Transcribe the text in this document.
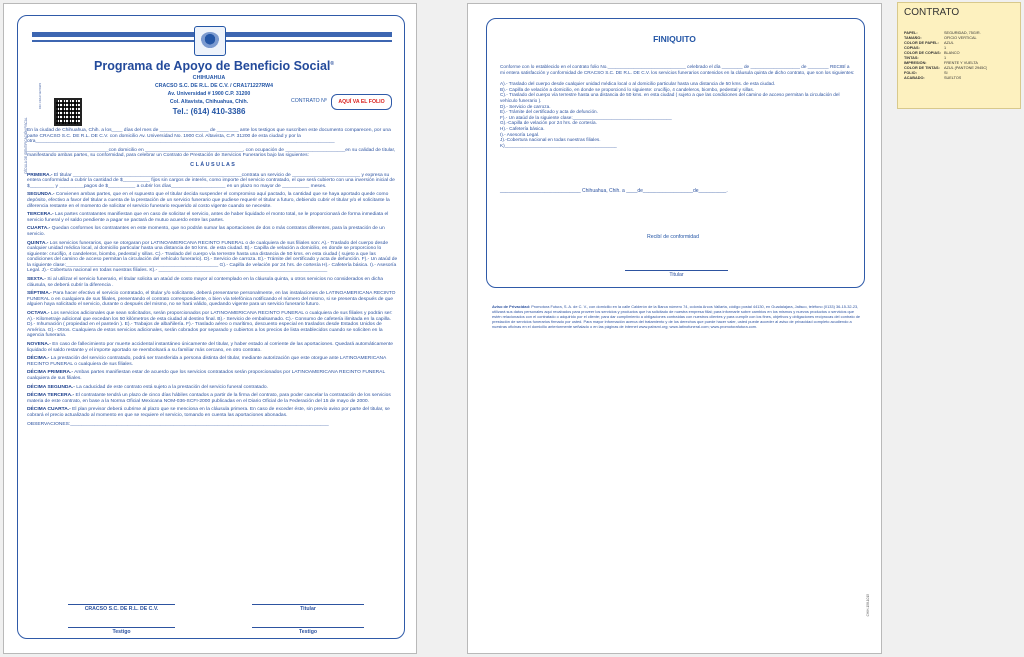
CÉDULA DE IDENTIFICACIÓN FISCAL
RFC CRA171227RW4
Programa de Apoyo de Beneficio Social®
CHIHUAHUA
CRACSO S.C. DE R.L. DE C.V. / CRA171227RW4
Av. Universidad # 1900 C.P. 31200
Col. Altavista, Chihuahua, Chih.
Tel.: (614) 410-3386
CONTRATO Nº	AQUÍ VA EL FOLIO

En la ciudad de Chihuahua, Chih. a los____ días del mes de __________________ de ________ ante los testigos que suscriben este documento comparecen, por una parte CRACSO S.C. DE R.L. DE C.V. con domicilio Av. Universidad No. 1900 Col. Altavista, C.P. 31200 de esta ciudad y por la otra______________________________________________________________________________________________________________

______________________________con domicilio en ____________________________________, con ocupación de ______________________en su calidad de titular, manifestando ambas partes, su conformidad, para celebrar un Contrato de Prestación de Servicios Funerarios bajo las siguientes:

C L Á U S U L A S

PRIMERA.- El titular ______________________________________________________________contrata un servicio de _________________________ y expresa su entera conformidad a cubrir la cantidad de $__________ fijos sin cargos de interés, como importe del servicio contratado, el que será cubierto con una inversión inicial de $_________ y _________pagos de $__________ a cubrir los días____________________ en un plazo no mayor de __________ meses.

SEGUNDA.- Convienen ambas partes, que en el supuesto que el titular decida suspender el compromiso aquí pactado, la cantidad que se haya aportado quede como depósito, efectivo a favor del titular a cuenta de la prestación de un servicio funerario que pudiese requerir el titular a futuro, debiendo cubrir el titular y/o el solicitante la diferencia restante en el momento de solicitar el servicio funerario requerido al costo vigente cuando se necesite.

TERCERA.- Las partes contratantes manifiestan que en caso de solicitar el servicio, antes de haber liquidado el monto total, se le proporcionará de forma inmediata el servicio funeral y el saldo pendiente a pagar se pactará de mutuo acuerdo entre las partes.

CUARTA.- Quedan conformes los contratantes en este momento, que no podrán sumar las aportaciones de dos o más contratos diferentes, para la prestación de un servicio.

QUINTA.- Los servicios funerarios, que se otorgaran por LATINOAMERICANA RECINTO FUNERAL o de cualquiera de sus filiales son: A).- Traslado del cuerpo desde cualquier unidad médica local, al domicilio particular hasta una distancia de 50 kms. de esta ciudad. B).- Capilla de velación a domicilio, en donde se proporciono lo siguiente: crucifijo, 4 candeleros, biombo, pedestal y sillas. C).- Traslado del cuerpo vía terrestre hasta una distancia de 50 kms. en esta ciudad ( sujeto a que las condiciones del camino de acceso permitan la circulación del vehículo funerario). D).- Servicio de carroza. E).- Trámite del certificado y acta de defunción. F).- Un ataúd de la siguiente clase:________________________________________________________ G).- Capilla de velación por 24 hrs. de cortesía H).- Cafetería básica. I).- Asesoría Legal. J).- Cobertura nacional en todas nuestras filiales. K).- ______________________________________________________________

SEXTA.- Si al utilizar el servicio funerario, el titular solicita un ataúd de costo mayor al contemplado en la cláusula quinta, u otros servicios no considerados en dicha cláusula, se deberá cubrir la diferencia .

SÉPTIMA.- Para hacer efectivo el servicio contratado, el titular y/o solicitante, deberá presentarse personalmente, en las instalaciones de LATINOAMERICANA RECINTO FUNERAL o en cualquiera de sus filiales, presentando el contrato correspondiente, o bien vía telefónica notificando el número del mismo, si se presenta después de que alguien haya solicitado el servicio, durante o después del mismo, no se hará válido, quedando vigente para un servicio funerario futuro.

OCTAVA.- Los servicios adicionales que sean solicitados, serán proporcionados por LATINOAMERICANA RECINTO FUNERAL o cualquiera de sus filiales y podrán ser: A).- Kilometraje adicional que excedan los 50 kilómetros de esta ciudad al destino final. B).- Servicio de embalsamado. C).- Consumo de cafetería ilimitada en la capilla. D).- Inhumación ( propiedad en el panteón ). E).- Trabajos de albañilería. F).- Traslado aéreo o marítimo, descuento especial en traslados desde Estados Unidos de América. G).- Otros. Cualquiera de estos servicios adicionales, serán cobrados por separado y cubiertos a los precios de lista establecidos cuando se soliciten en la agencia funeraria.

NOVENA.- En caso de fallecimiento por muerte accidental instantáneo únicamente del titular, y haber estado al corriente de las aportaciones. Quedará automáticamente liquidado el saldo restante y el importe aportado se reembolsará a su familiar más cercano, en otro contrato.

DÉCIMA.- La prestación del servicio contratado, podrá ser transferida a persona distinta del titular, mediante autorización que este otorgue ante LATINOAMERICANA RECINTO FUNERAL o cualquiera de sus filiales.

DÉCIMA PRIMERA.- Ambas partes manifiestan estar de acuerdo que los servicios contratados serán proporcionados por LATINOAMERICANA RECINTO FUNERAL cualquiera de sus filiales.

DÉCIMA SEGUNDA.- La caducidad de este contrato está sujeto a la prestación del servicio funeral contratado.

DÉCIMA TERCERA.- El contratante tendrá un plazo de cinco días hábiles contados a partir de la firma del contrato, para poder cancelar la contratación de los servicios materia de este contrato, en base a la Norma Oficial Mexicana NOM-036-SCFI-2000 publicadas en el Diario Oficial de la Federación del 15 de mayo de 2000.

DÉCIMA CUARTA.- El plan previsor deberá cubrirse al plazo que se menciona en la cláusula primera. En caso de exceder éste, sin previo aviso por parte del titular, se cobrará el precio actualizado al momento en que se requiere el servicio, tomando en cuenta las aportaciones abonadas.

OBSERVACIONES:_______________________________________________________________________________________________

CRACSO S.C. DE R.L. DE C.V.	Titular
Testigo	Testigo
FINIQUITO

Conforme con lo establecido en el contrato folio No.______________________________ celebrado el día ________ de ___________________ de ________ RECIBÍ a mi entera satisfacción y conformidad de CRACSO S.C. DE R.L. DE C.V. los servicios funerarios contenidos en la cláusula quinta de dicho contrato, que son los siguientes:

A).- Traslado del cuerpo desde cualquier unidad médica local o al domicilio particular hasta una distancia de 50 kms. de esta ciudad.
B).- Capilla de velación a domicilio, en donde se proporcionó lo siguiente: crucifijo, 4 candeleros, biombo, pedestal y sillas.
C).- Traslado del cuerpo vía terrestre hasta una distancia de 50 kms. en esta ciudad ( sujeto a que las condiciones del camino de acceso permitan la circulación del vehículo funerario ).
D).- Servicio de carroza.
E).- Trámite del certificado y acta de defunción.
F).- Un ataúd de la siguiente clase:______________________________________
G).-Capilla de velación por 24 hrs. de cortesía.
H).- Cafetería básica.
I).- Asesoría Legal.
J).-Cobertura nacional en todas nuestras filiales.
K)___________________________________________
_____________________________ Chihuahua, Chih. a ____de__________________de__________.
Recibí de conformidad
Titular
Aviso de Privacidad: Promotora Futura, S. A. de C. V., con domicilio en la calle Calderón de la Barca número 74, colonia Arcos Vallarta, código postal 44130, en Guadalajara, Jalisco, teléfono (0133) 36-15-32-23, utilizará sus datos personales aquí recabados para proveer los servicios y productos que ha solicitado de nuestra empresa filial; para informarle sobre cambios en los mismos y nuevos productos o servicios que estén relacionados con el contratado o adquirido por el cliente; para dar cumplimiento a obligaciones contraídas con nuestros clientes y para cumplir con los fines, objetivos y obligaciones recíprocas del contrato de prestación de servicios funerarios firmado por usted. Para mayor información acerca del tratamiento y de los derechos que puede hacer valer, usted puede acceder al aviso de privacidad completo acudiendo a nuestras oficinas en el domicilio anteriormente señalado o en las páginas de internet www.pabsmi.org; www.latinofuneral.com; www.promotorafutura.com.
CHIH-158-1015
CONTRATO
PAPEL:	SEGURIDAD, 75G/R.
TAMAÑO:	OFICIO VERTICAL
COLOR DE PAPEL:	AZUL
COPIAS:	1
COLOR DE COPIAS: BLANCO
TINTAS:	1
IMPRESIÓN:	FRENTE Y VUELTA
COLOR DE TINTAS:	AZUL (PANTONE 2945C)
FOLIO:	SI
ACABADO:	SUELTOS
